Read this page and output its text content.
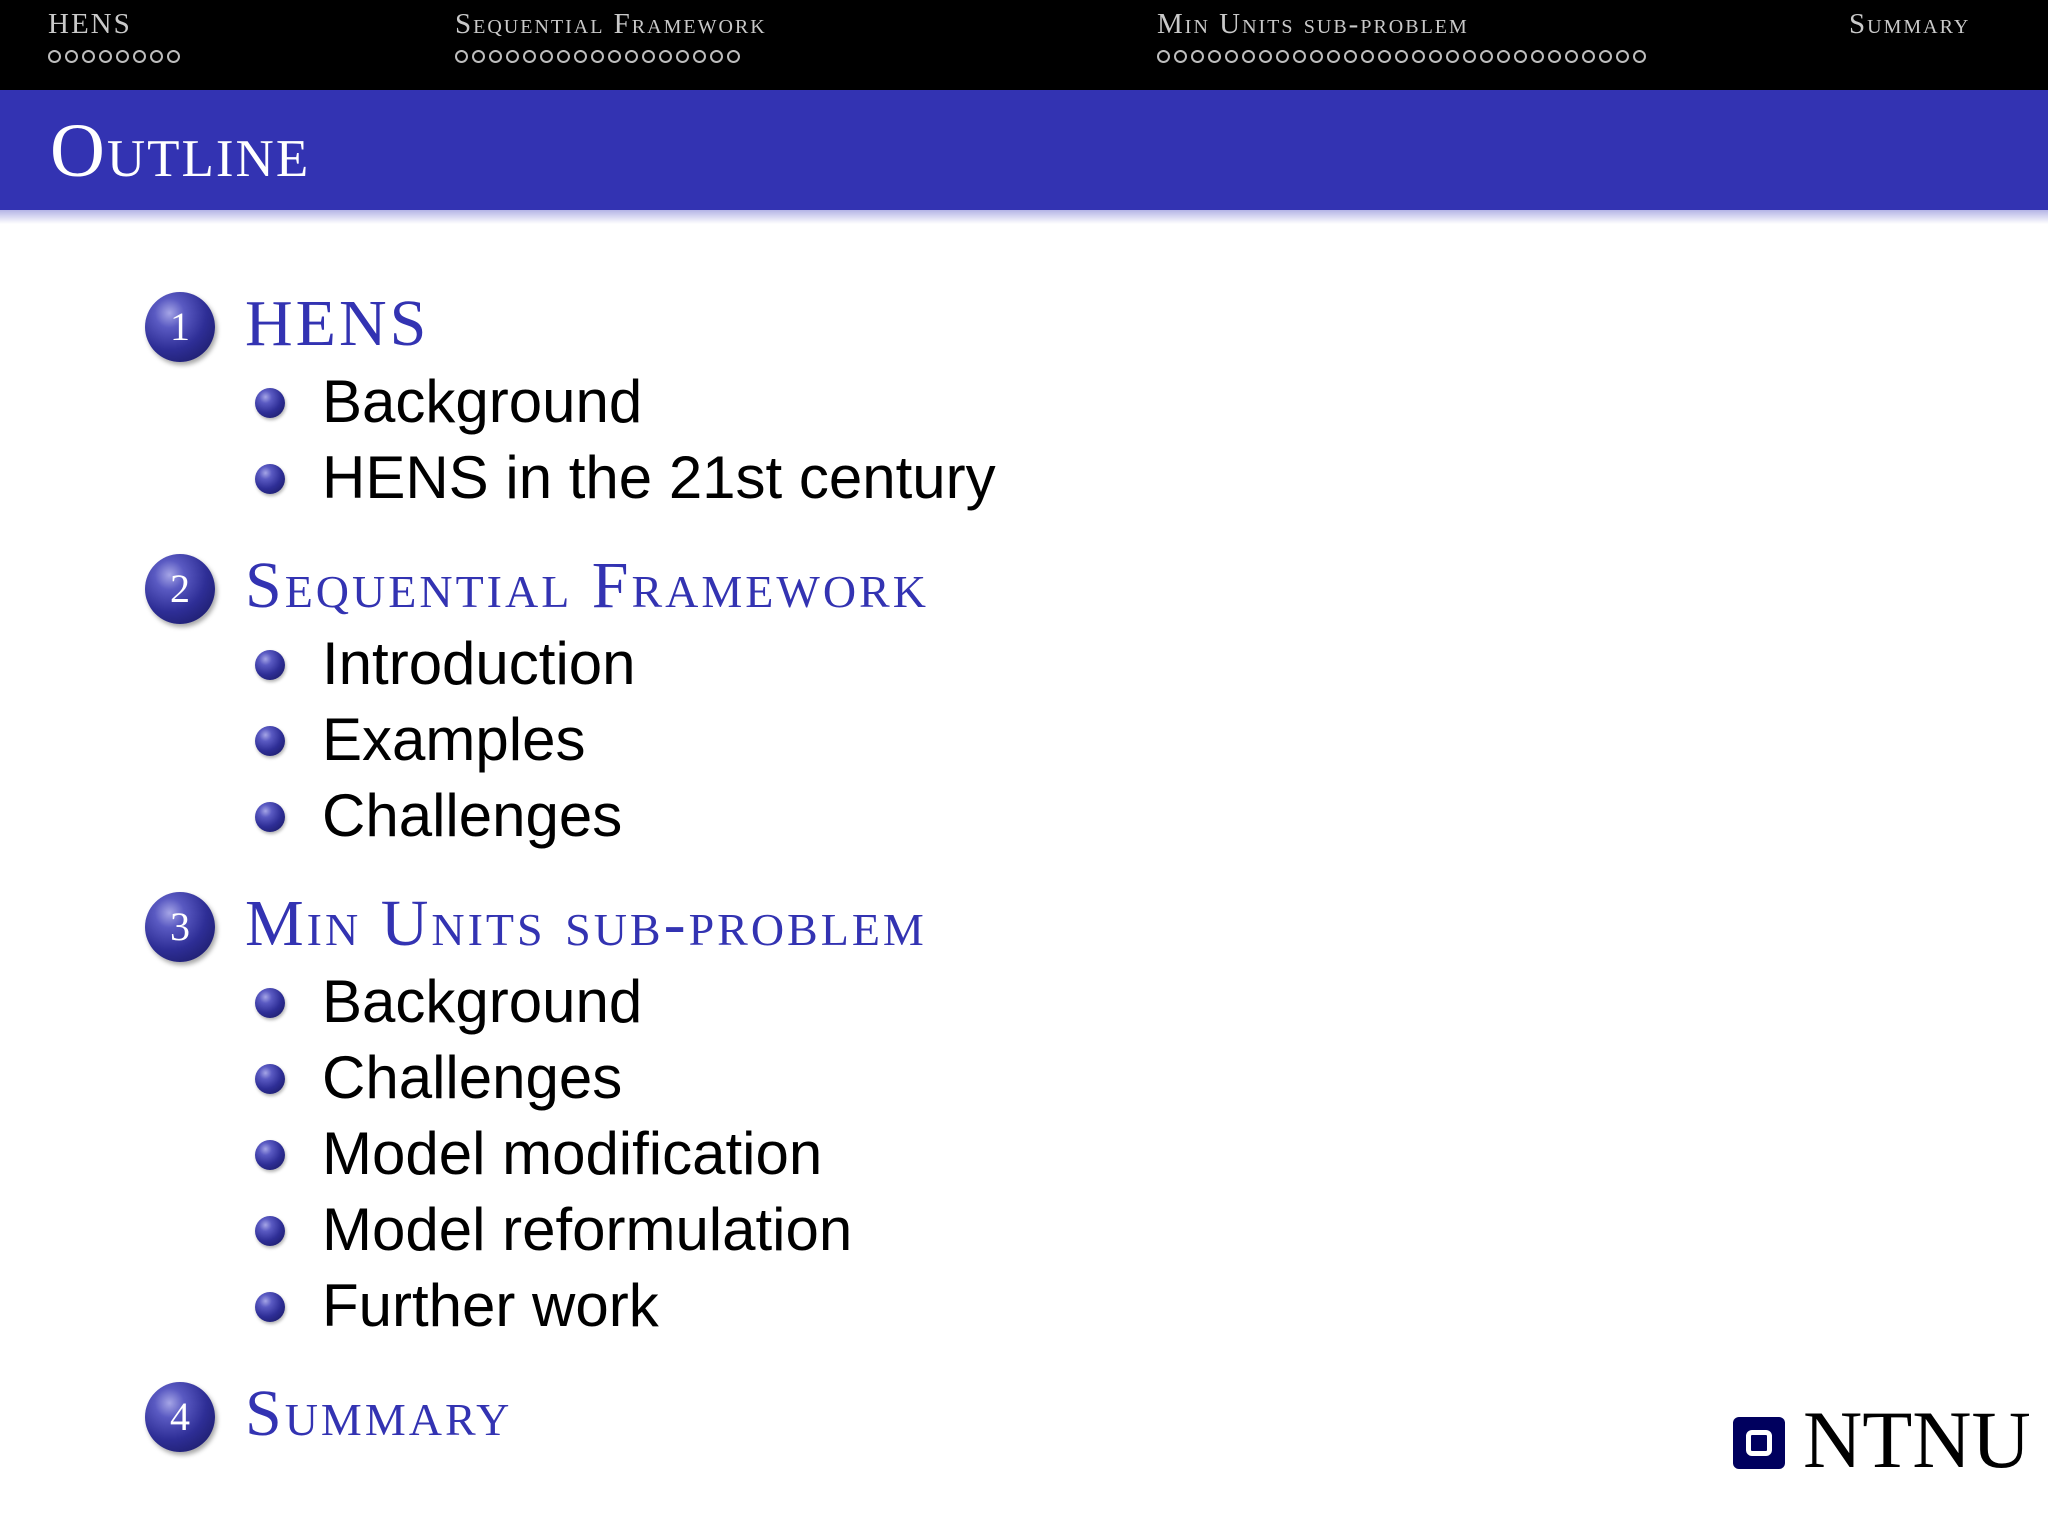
HENS	Sequential Framework	Min Units sub-problem	Summary
Outline
1 HENS
Background
HENS in the 21st century
2 Sequential Framework
Introduction
Examples
Challenges
3 Min Units sub-problem
Background
Challenges
Model modification
Model reformulation
Further work
4 Summary	NTNU
